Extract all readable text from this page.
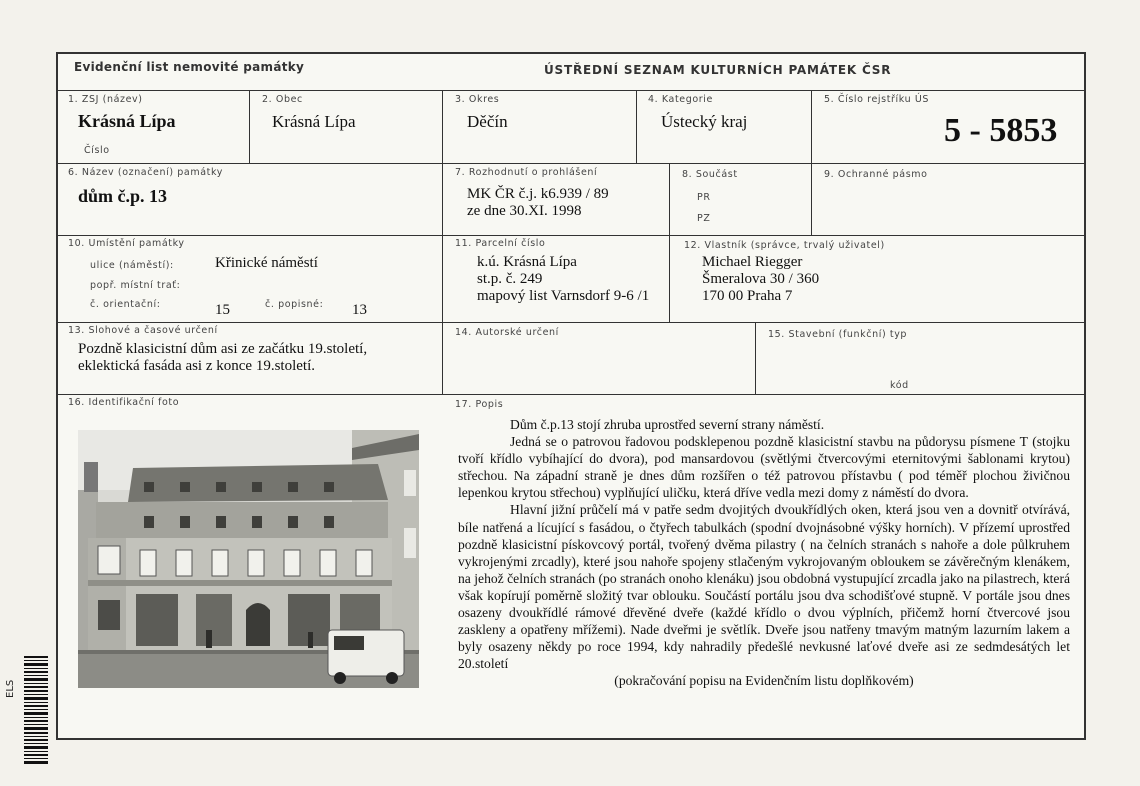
Evidenční list nemovité památky	ÚSTŘEDNÍ SEZNAM KULTURNÍCH PAMÁTEK ČSR
1. ZSJ (název)
Krásná Lípa
Číslo
2. Obec
Krásná Lípa
3. Okres
Děčín
4. Kategorie
Ústecký kraj
5. Číslo rejstříku ÚS
5 - 5853
6. Název (označení) památky
dům č.p. 13
7. Rozhodnutí o prohlášení
MK ČR č.j. k6.939 / 89
ze dne 30.XI. 1998
8. Součást
PR
PZ
9. Ochranné pásmo
10. Umístění památky
ulice (náměstí):	Křinické náměstí
popř. místní trať:
č. orientační:	15	č. popisné: 13
11. Parcelní číslo
k.ú. Krásná Lípa
st.p. č. 249
mapový list Varnsdorf 9-6 /1
12. Vlastník (správce, trvalý uživatel)
Michael Riegger
Šmeralova 30 / 360
170 00 Praha 7
13. Slohové a časové určení
Pozdně klasicistní dům asi ze začátku 19.století,
eklektická fasáda asi z konce 19.století.
14. Autorské určení	15. Stavební (funkční) typ
kód
16. Identifikační foto	17. Popis

Dům č.p.13 stojí zhruba uprostřed severní strany náměstí.

Jedná se o patrovou řadovou podsklepenou pozdně klasicistní stavbu na půdorysu písmene T (stojku tvoří křídlo vybíhající do dvora), pod mansardovou (světlými čtvercovými eternitovými šablonami krytou) střechou. Na západní straně je dnes dům rozšířen o též patrovou přístavbu ( pod téměř plochou živičnou lepenkou krytou střechou) vyplňující uličku, která dříve vedla mezi domy z náměstí do dvora.

Hlavní jižní průčelí má v patře sedm dvojitých dvoukřídlých oken, která jsou ven a dovnitř otvírává, bíle natřená a lícující s fasádou, o čtyřech tabulkách (spodní dvojnásobné výšky horních). V přízemí uprostřed pozdně klasicistní pískovcový portál, tvořený dvěma pilastry ( na čelních stranách s nahoře a dole půlkruhem vykrojenými zrcadly), které jsou nahoře spojeny stlačeným vykrojovaným obloukem se závěrečným klenákem, na jehož čelních stranách (po stranách onoho klenáku) jsou obdobná vystupující zrcadla jako na pilastrech, která však kopírují poměrně složitý tvar oblouku. Součástí portálu jsou dva schodišťové stupně. V portále jsou dnes osazeny dvoukřídlé rámové dřevěné dveře (každé křídlo o dvou výplních, přičemž horní čtvercové jsou zaskleny a opatřeny mřížemi). Nade dveřmi je světlík. Dveře jsou natřeny tmavým matným lazurním lakem a byly osazeny někdy po roce 1994, kdy nahradily předešlé nevkusné laťové dveře asi ze sedmdesátých let 20.století

(pokračování popisu na Evidenčním listu doplňkovém)

ELS
